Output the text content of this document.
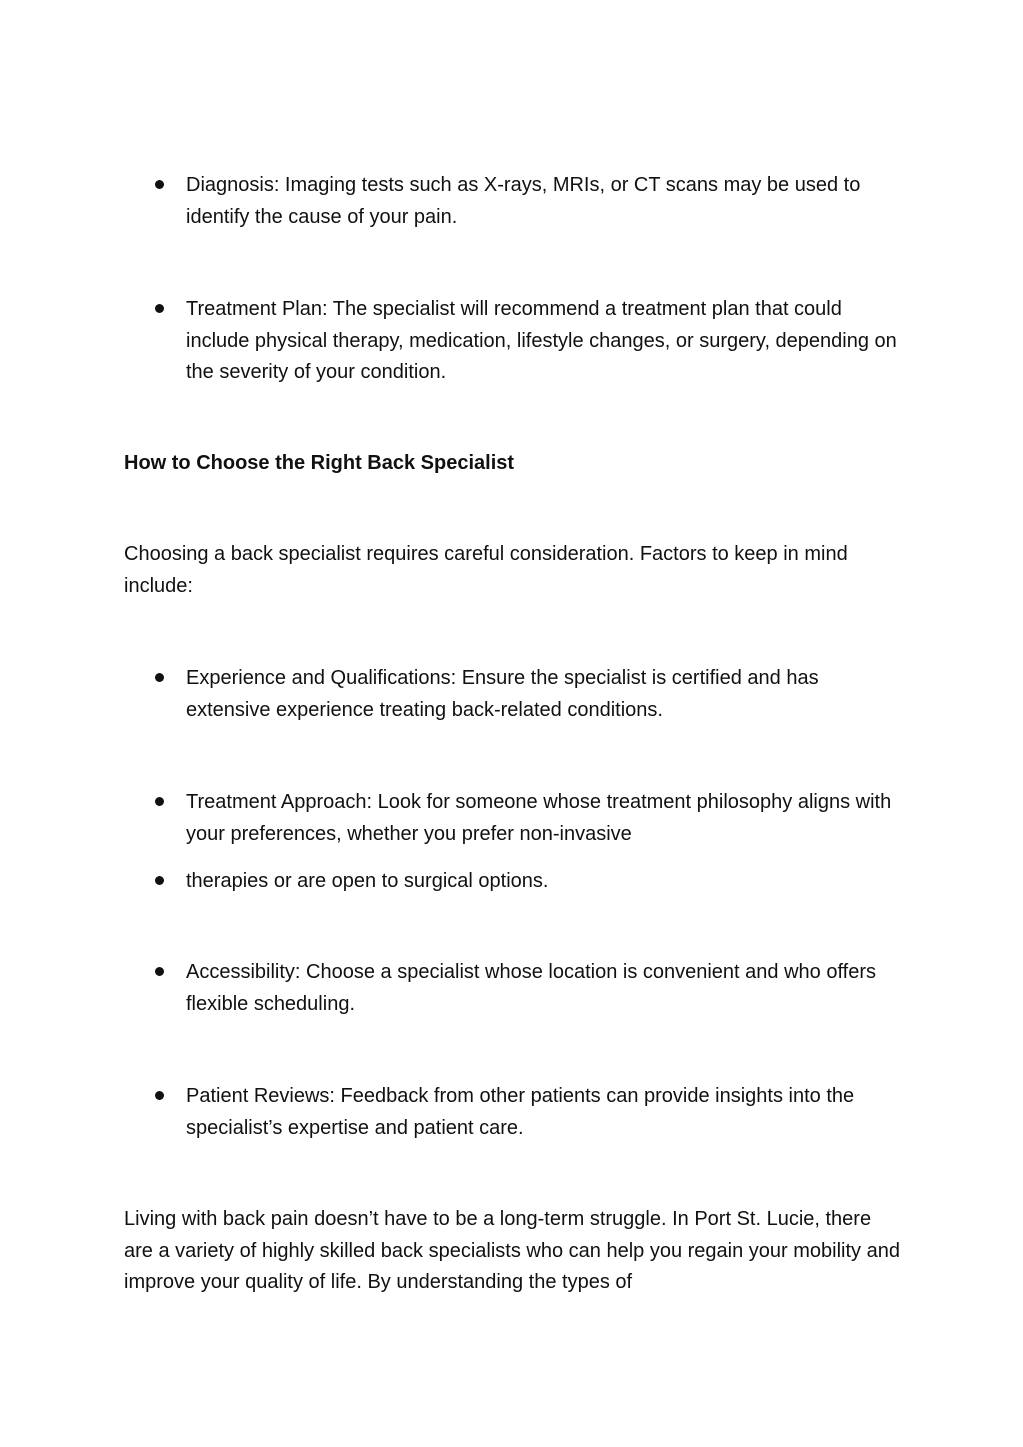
Diagnosis: Imaging tests such as X-rays, MRIs, or CT scans may be used to identify the cause of your pain.
Treatment Plan: The specialist will recommend a treatment plan that could include physical therapy, medication, lifestyle changes, or surgery, depending on the severity of your condition.

How to Choose the Right Back Specialist

Choosing a back specialist requires careful consideration. Factors to keep in mind include:

Experience and Qualifications: Ensure the specialist is certified and has extensive experience treating back-related conditions.
Treatment Approach: Look for someone whose treatment philosophy aligns with your preferences, whether you prefer non-invasive
therapies or are open to surgical options.
Accessibility: Choose a specialist whose location is convenient and who offers flexible scheduling.
Patient Reviews: Feedback from other patients can provide insights into the specialist’s expertise and patient care.

Living with back pain doesn’t have to be a long-term struggle. In Port St. Lucie, there are a variety of highly skilled back specialists who can help you regain your mobility and improve your quality of life. By understanding the types of
